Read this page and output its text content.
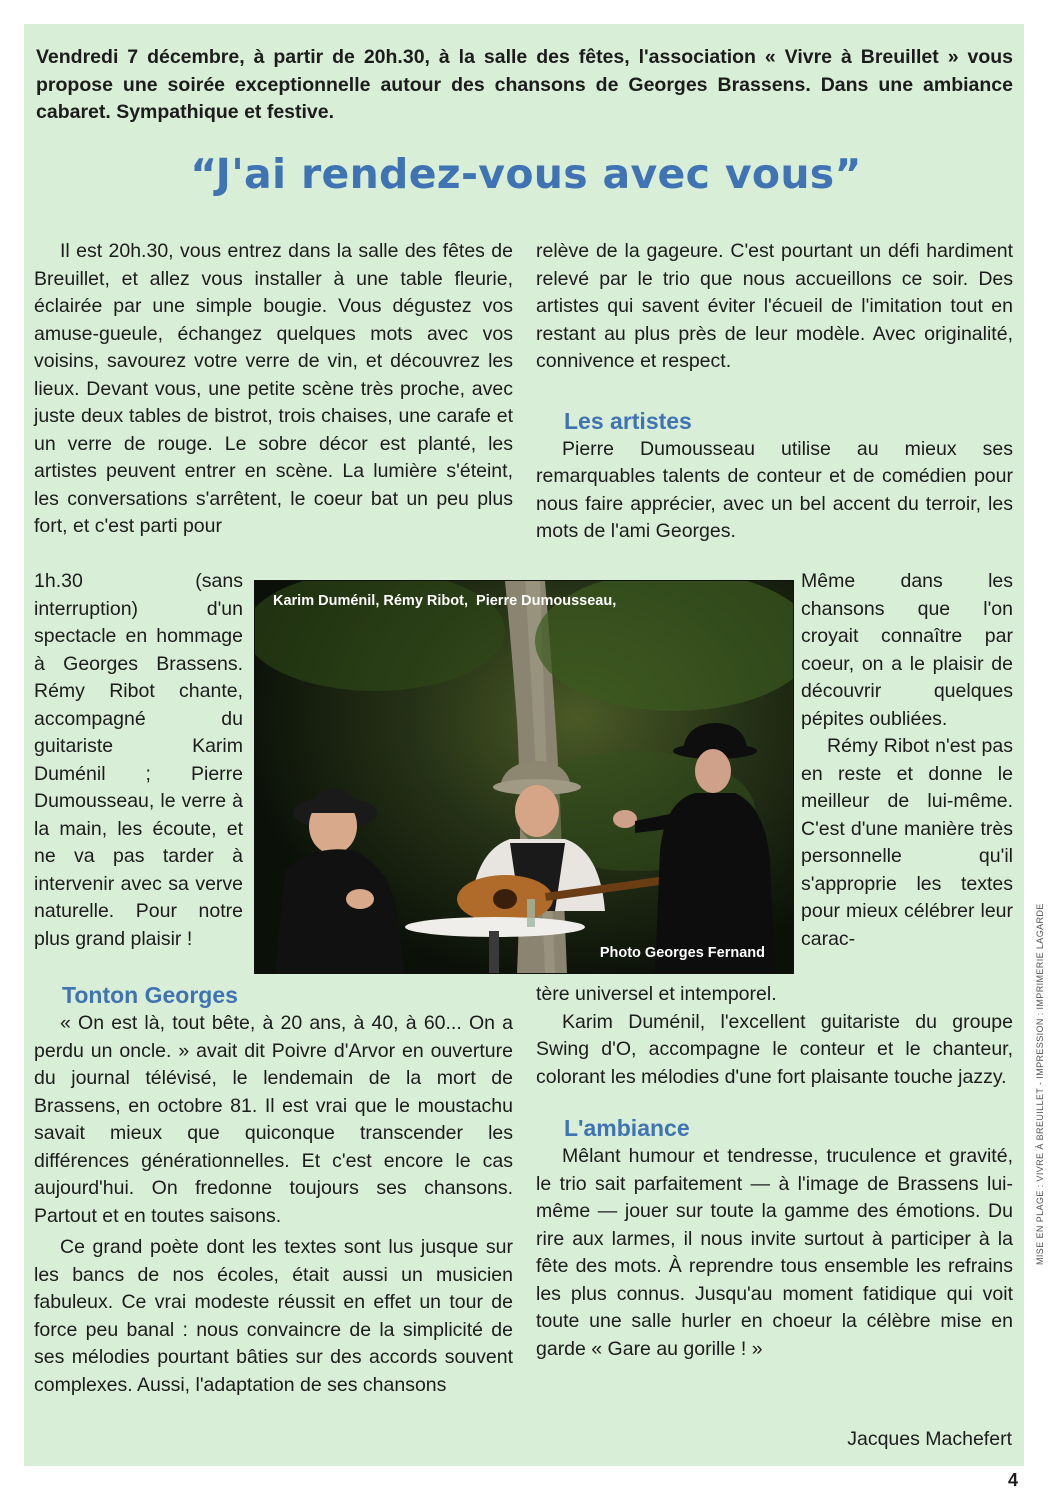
Vendredi 7 décembre, à partir de 20h.30, à la salle des fêtes, l'association « Vivre à Breuillet » vous propose une soirée exceptionnelle autour des chansons de Georges Brassens. Dans une ambiance cabaret. Sympathique et festive.

“J'ai rendez-vous avec vous”

Il est 20h.30, vous entrez dans la salle des fêtes de Breuillet, et allez vous installer à une table fleurie, éclairée par une simple bougie. Vous dégustez vos amuse-gueule, échangez quelques mots avec vos voisins, savourez votre verre de vin, et découvrez les lieux. Devant vous, une petite scène très proche, avec juste deux tables de bistrot, trois chaises, une carafe et un verre de rouge. Le sobre décor est planté, les artistes peuvent entrer en scène. La lumière s'éteint, les conversations s'arrêtent, le coeur bat un peu plus fort, et c'est parti pour

1h.30 (sans interruption) d'un spectacle en hommage à Georges Brassens. Rémy Ribot chante, accompagné du guitariste Karim Duménil ; Pierre Dumousseau, le verre à la main, les écoute, et ne va pas tarder à intervenir avec sa verve naturelle. Pour notre plus grand plaisir !

Tonton Georges

« On est là, tout bête, à 20 ans, à 40, à 60... On a perdu un oncle. » avait dit Poivre d'Arvor en ouverture du journal télévisé, le lendemain de la mort de Brassens, en octobre 81. Il est vrai que le moustachu savait mieux que quiconque transcender les différences générationnelles. Et c'est encore le cas aujourd'hui. On fredonne toujours ses chansons. Partout et en toutes saisons.

Ce grand poète dont les textes sont lus jusque sur les bancs de nos écoles, était aussi un musicien fabuleux. Ce vrai modeste réussit en effet un tour de force peu banal : nous convaincre de la simplicité de ses mélodies pourtant bâties sur des accords souvent complexes. Aussi, l'adaptation de ses chansons

relève de la gageure. C'est pourtant un défi hardiment relevé par le trio que nous accueillons ce soir. Des artistes qui savent éviter l'écueil de l'imitation tout en restant au plus près de leur modèle. Avec originalité, connivence et respect.

Les artistes

Pierre Dumousseau utilise au mieux ses remarquables talents de conteur et de comédien pour nous faire apprécier, avec un bel accent du terroir, les mots de l'ami Georges.

Même dans les chansons que l'on croyait connaître par coeur, on a le plaisir de découvrir quelques pépites oubliées.

Rémy Ribot n'est pas en reste et donne le meilleur de lui-même. C'est d'une manière très personnelle qu'il s'approprie les textes pour mieux célébrer leur carac-

tère universel et intemporel.

Karim Duménil, l'excellent guitariste du groupe Swing d'O, accompagne le conteur et le chanteur, colorant les mélodies d'une fort plaisante touche jazzy.

L'ambiance

Mêlant humour et tendresse, truculence et gravité, le trio sait parfaitement — à l'image de Brassens lui-même — jouer sur toute la gamme des émotions. Du rire aux larmes, il nous invite surtout à participer à la fête des mots. À reprendre tous ensemble les refrains les plus connus. Jusqu'au moment fatidique qui voit toute une salle hurler en choeur la célèbre mise en garde « Gare au gorille ! »

Karim Duménil, Rémy Ribot,  Pierre Dumousseau,
Photo Georges Fernand
Jacques Machefert
4
MISE EN PLAGE : VIVRE À BREUILLET - IMPRESSION : IMPRIMERIE LAGARDE
